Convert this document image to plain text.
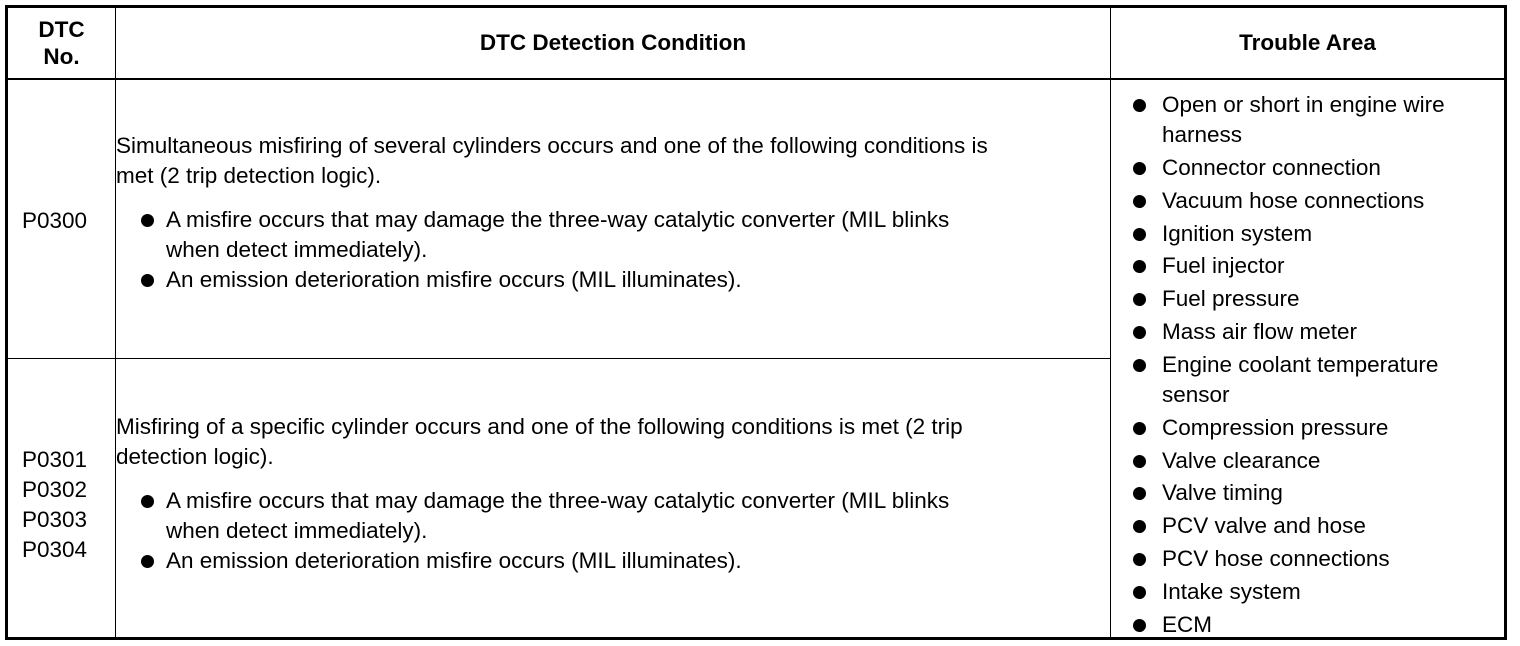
DTC
No.
DTC Detection Condition	Trouble Area
P0300
P0301
P0302
P0303
P0304

Simultaneous misfiring of several cylinders occurs and one of the following conditions is
met (2 trip detection logic).

A misfire occurs that may damage the three-way catalytic converter (MIL blinks
when detect immediately).
An emission deterioration misfire occurs (MIL illuminates).

Misfiring of a specific cylinder occurs and one of the following conditions is met (2 trip
detection logic).

A misfire occurs that may damage the three-way catalytic converter (MIL blinks
when detect immediately).
An emission deterioration misfire occurs (MIL illuminates).
Open or short in engine wire
harness
Connector connection
Vacuum hose connections
Ignition system
Fuel injector
Fuel pressure
Mass air flow meter
Engine coolant temperature
sensor
Compression pressure
Valve clearance
Valve timing
PCV valve and hose
PCV hose connections
Intake system
ECM
